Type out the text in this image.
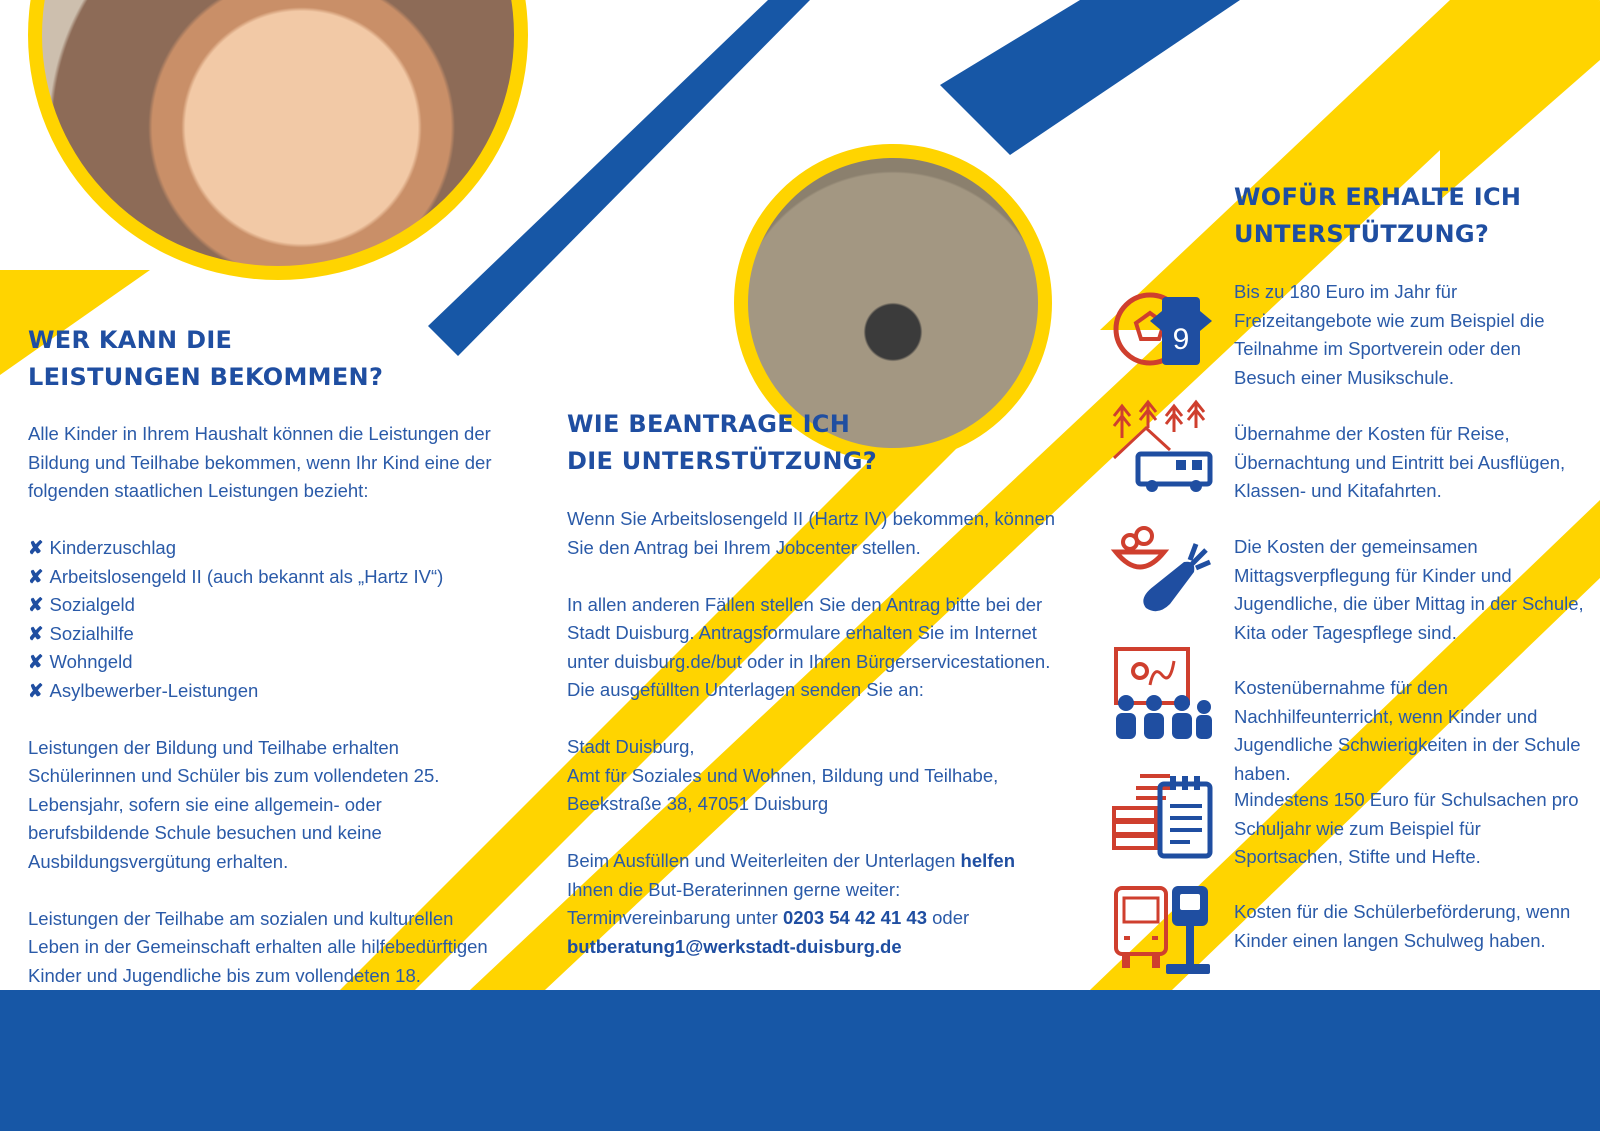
WER KANN DIE
LEISTUNGEN BEKOMMEN?

Alle Kinder in Ihrem Haushalt können die Leistungen der Bildung und Teilhabe bekommen, wenn Ihr Kind eine der folgenden staatlichen Leistungen bezieht:

✘ Kinderzuschlag
✘ Arbeitslosengeld II (auch bekannt als „Hartz IV“)
✘ Sozialgeld
✘ Sozialhilfe
✘ Wohngeld
✘ Asylbewerber-Leistungen

Leistungen der Bildung und Teilhabe erhalten Schülerinnen und Schüler bis zum vollendeten 25. Lebensjahr, sofern sie eine allgemein- oder berufsbildende Schule besuchen und keine Ausbildungsvergütung erhalten.

Leistungen der Teilhabe am sozialen und kulturellen Leben in der Gemeinschaft erhalten alle hilfebedürftigen Kinder und Jugendliche bis zum vollendeten 18.

WIE BEANTRAGE ICH
DIE UNTERSTÜTZUNG?

Wenn Sie Arbeitslosengeld II (Hartz IV) bekommen, können Sie den Antrag bei Ihrem Jobcenter stellen.

In allen anderen Fällen stellen Sie den Antrag bitte bei der Stadt Duisburg. Antragsformulare erhalten Sie im Internet unter duisburg.de/but oder in Ihren Bürgerservicestationen. Die ausgefüllten Unterlagen senden Sie an:

Stadt Duisburg,
Amt für Soziales und Wohnen, Bildung und Teilhabe,
Beekstraße 38, 47051 Duisburg

Beim Ausfüllen und Weiterleiten der Unterlagen helfen Ihnen die But-Beraterinnen gerne weiter: Terminvereinbarung unter 0203 54 42 41 43 oder butberatung1@werkstadt-duisburg.de

WOFÜR ERHALTE ICH
UNTERSTÜTZUNG?
9
Bis zu 180 Euro im Jahr für Freizeitangebote wie zum Beispiel die Teilnahme im Sportverein oder den Besuch einer Musikschule.
Übernahme der Kosten für Reise, Übernachtung und Eintritt bei Ausflügen, Klassen- und Kitafahrten.
Die Kosten der gemeinsamen Mittagsverpflegung für Kinder und Jugendliche, die über Mittag in der Schule, Kita oder Tagespflege sind.
Kostenübernahme für den Nachhilfeunterricht, wenn Kinder und Jugendliche Schwierigkeiten in der Schule haben.
Mindestens 150 Euro für Schulsachen pro Schuljahr wie zum Beispiel für Sportsachen, Stifte und Hefte.
Kosten für die Schülerbeförderung, wenn Kinder einen langen Schulweg haben.
